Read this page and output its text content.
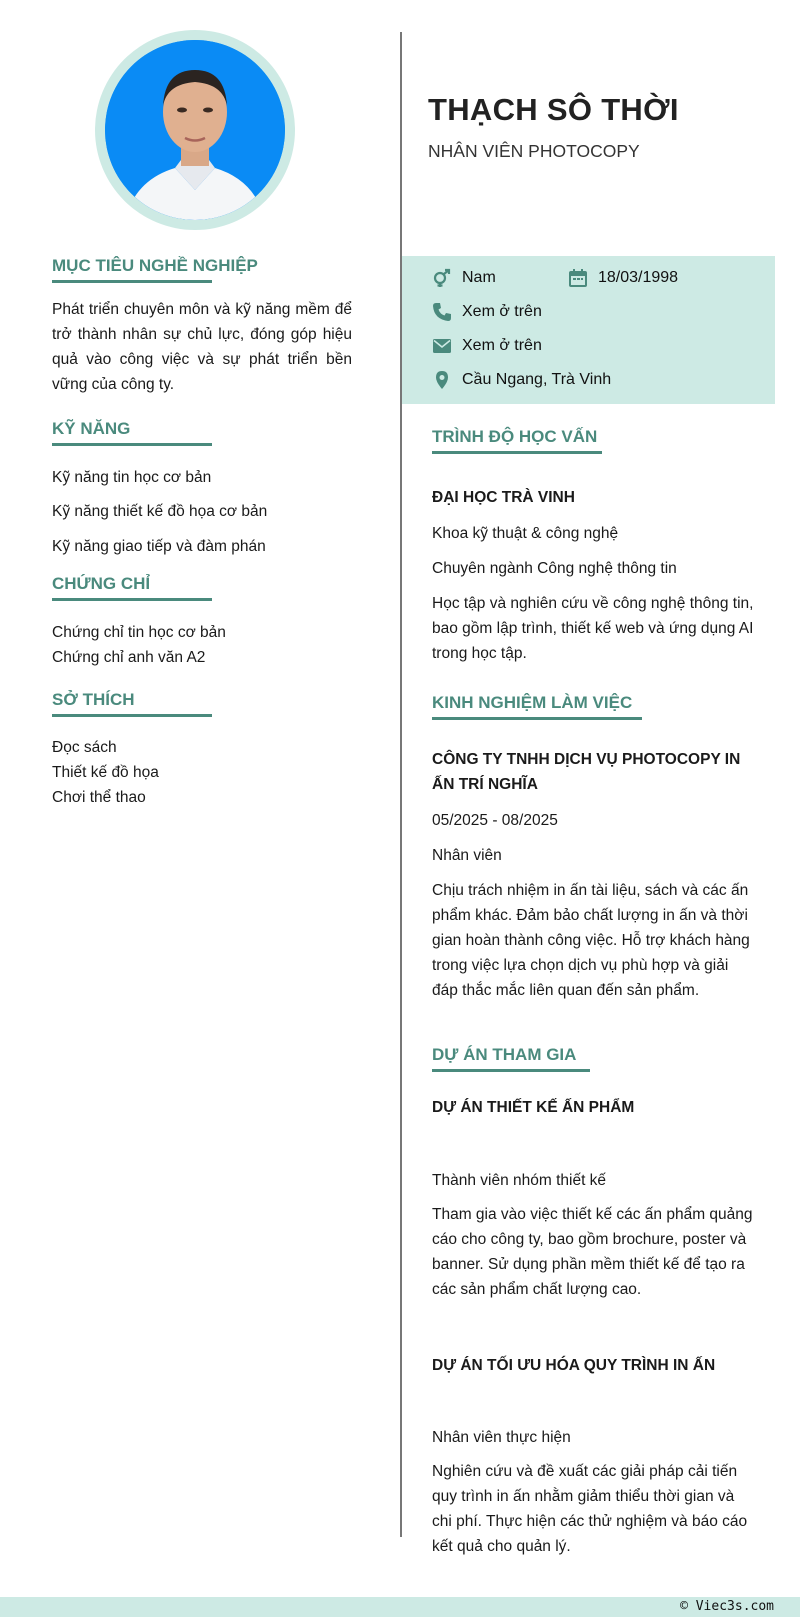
MỤC TIÊU NGHỀ NGHIỆP

Phát triển chuyên môn và kỹ năng mềm để trở thành nhân sự chủ lực, đóng góp hiệu quả vào công việc và sự phát triển bền vững của công ty.

KỸ NĂNG
Kỹ năng tin học cơ bản
Kỹ năng thiết kế đồ họa cơ bản
Kỹ năng giao tiếp và đàm phán
CHỨNG CHỈ
Chứng chỉ tin học cơ bản
Chứng chỉ anh văn A2
SỞ THÍCH
Đọc sách
Thiết kế đồ họa
Chơi thể thao
THẠCH SÔ THỜI
NHÂN VIÊN PHOTOCOPY
Nam	18/03/1998
Xem ở trên
Xem ở trên
Cầu Ngang, Trà Vinh
TRÌNH ĐỘ HỌC VẤN

ĐẠI HỌC TRÀ VINH

Khoa kỹ thuật & công nghệ

Chuyên ngành Công nghệ thông tin

Học tập và nghiên cứu về công nghệ thông tin, bao gồm lập trình, thiết kế web và ứng dụng AI trong học tập.

KINH NGHIỆM LÀM VIỆC

CÔNG TY TNHH DỊCH VỤ PHOTOCOPY IN ẤN TRÍ NGHĨA

05/2025 - 08/2025

Nhân viên

Chịu trách nhiệm in ấn tài liệu, sách và các ấn phẩm khác. Đảm bảo chất lượng in ấn và thời gian hoàn thành công việc. Hỗ trợ khách hàng trong việc lựa chọn dịch vụ phù hợp và giải đáp thắc mắc liên quan đến sản phẩm.

DỰ ÁN THAM GIA

DỰ ÁN THIẾT KẾ ẤN PHẨM

Thành viên nhóm thiết kế

Tham gia vào việc thiết kế các ấn phẩm quảng cáo cho công ty, bao gồm brochure, poster và banner. Sử dụng phần mềm thiết kế để tạo ra các sản phẩm chất lượng cao.

DỰ ÁN TỐI ƯU HÓA QUY TRÌNH IN ẤN

Nhân viên thực hiện

Nghiên cứu và đề xuất các giải pháp cải tiến quy trình in ấn nhằm giảm thiểu thời gian và chi phí. Thực hiện các thử nghiệm và báo cáo kết quả cho quản lý.

© Viec3s.com
